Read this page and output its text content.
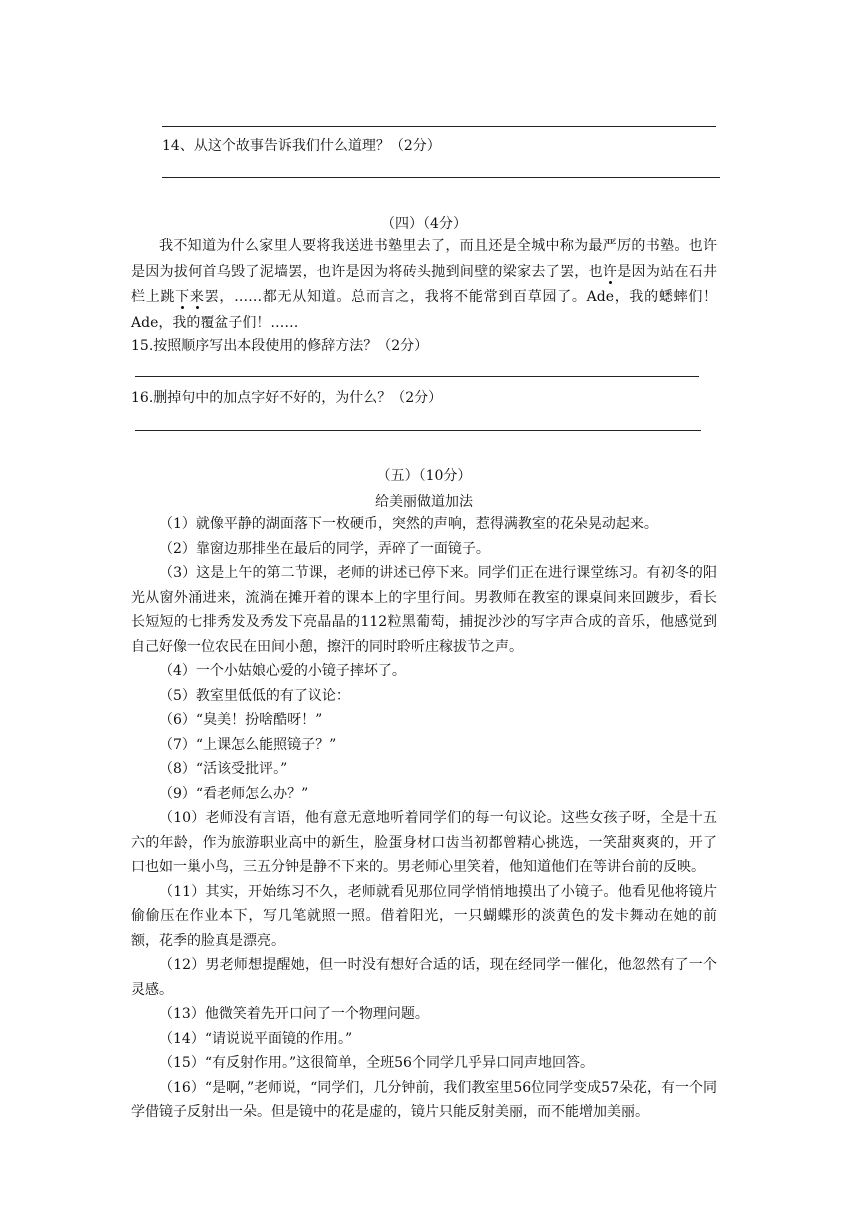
14、从这个故事告诉我们什么道理？（2分）
（四）（4分）
我不知道为什么家里人要将我送进书塾里去了，而且还是全城中称为最严厉的书塾。也许是因为拔何首乌毁了泥墙罢，也许是因为将砖头抛到间壁的梁家去了罢，也许是因为站在石井栏上跳下来罢，……都无从知道。总而言之，我将不能常到百草园了。Ade，我的蟋蟀们！Ade，我的覆盆子们！……
15.按照顺序写出本段使用的修辞方法？（2分）
16.删掉句中的加点字好不好的，为什么？（2分）
（五）（10分）
给美丽做道加法
（1）就像平静的湖面落下一枚硬币，突然的声响，惹得满教室的花朵晃动起来。
（2）靠窗边那排坐在最后的同学，弄碎了一面镜子。
（3）这是上午的第二节课，老师的讲述已停下来。同学们正在进行课堂练习。有初冬的阳光从窗外涌进来，流淌在摊开着的课本上的字里行间。男教师在教室的课桌间来回踱步，看长长短短的七排秀发及秀发下亮晶晶的112粒黑葡萄，捕捉沙沙的写字声合成的音乐，他感觉到自己好像一位农民在田间小憩，擦汗的同时聆听庄稼拔节之声。
（4）一个小姑娘心爱的小镜子摔坏了。
（5）教室里低低的有了议论：
（6）“臭美！扮啥酷呀！”
（7）“上课怎么能照镜子？”
（8）“活该受批评。”
（9）“看老师怎么办？”
（10）老师没有言语，他有意无意地听着同学们的每一句议论。这些女孩子呀，全是十五六的年龄，作为旅游职业高中的新生，脸蛋身材口齿当初都曾精心挑选，一笑甜爽爽的，开了口也如一巢小鸟，三五分钟是静不下来的。男老师心里笑着，他知道他们在等讲台前的反映。
（11）其实，开始练习不久，老师就看见那位同学悄悄地摸出了小镜子。他看见他将镜片偷偷压在作业本下，写几笔就照一照。借着阳光，一只蝴蝶形的淡黄色的发卡舞动在她的前额，花季的脸真是漂亮。
（12）男老师想提醒她，但一时没有想好合适的话，现在经同学一催化，他忽然有了一个灵感。
（13）他微笑着先开口问了一个物理问题。
（14）“请说说平面镜的作用。”
（15）“有反射作用。”这很简单，全班56个同学几乎异口同声地回答。
（16）“是啊，”老师说，“同学们，几分钟前，我们教室里56位同学变成57朵花，有一个同学借镜子反射出一朵。但是镜中的花是虚的，镜片只能反射美丽，而不能增加美丽。
